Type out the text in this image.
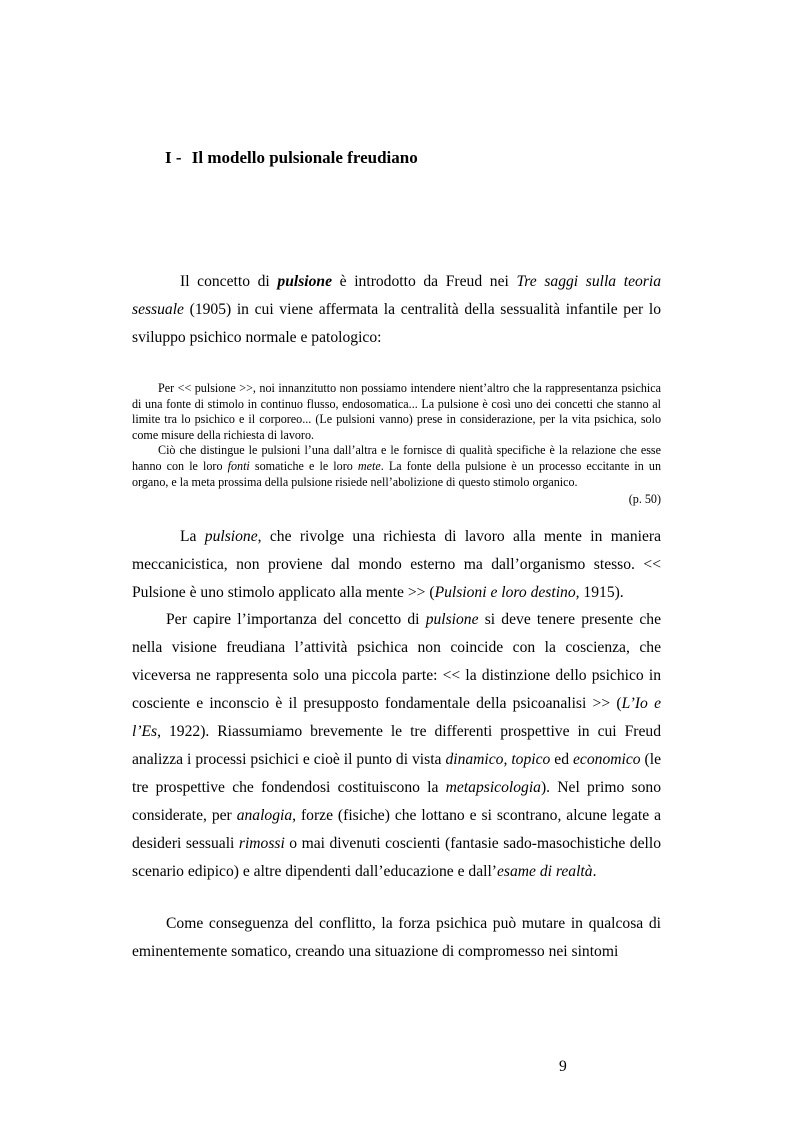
I - Il modello pulsionale freudiano

Il concetto di pulsione è introdotto da Freud nei Tre saggi sulla teoria sessuale (1905) in cui viene affermata la centralità della sessualità infantile per lo sviluppo psichico normale e patologico:

Per << pulsione >>, noi innanzitutto non possiamo intendere nient’altro che la rappresentanza psichica di una fonte di stimolo in continuo flusso, endosomatica... La pulsione è così uno dei concetti che stanno al limite tra lo psichico e il corporeo... (Le pulsioni vanno) prese in considerazione, per la vita psichica, solo come misure della richiesta di lavoro.

Ciò che distingue le pulsioni l’una dall’altra e le fornisce di qualità specifiche è la relazione che esse hanno con le loro fonti somatiche e le loro mete. La fonte della pulsione è un processo eccitante in un organo, e la meta prossima della pulsione risiede nell’abolizione di questo stimolo organico.

(p. 50)

La pulsione, che rivolge una richiesta di lavoro alla mente in maniera meccanicistica, non proviene dal mondo esterno ma dall’organismo stesso. << Pulsione è uno stimolo applicato alla mente >> (Pulsioni e loro destino, 1915).

Per capire l’importanza del concetto di pulsione si deve tenere presente che nella visione freudiana l’attività psichica non coincide con la coscienza, che viceversa ne rappresenta solo una piccola parte: << la distinzione dello psichico in cosciente e inconscio è il presupposto fondamentale della psicoanalisi >> (L’Io e l’Es, 1922). Riassumiamo brevemente le tre differenti prospettive in cui Freud analizza i processi psichici e cioè il punto di vista dinamico, topico ed economico (le tre prospettive che fondendosi costituiscono la metapsicologia). Nel primo sono considerate, per analogia, forze (fisiche) che lottano e si scontrano, alcune legate a desideri sessuali rimossi o mai divenuti coscienti (fantasie sado-masochistiche dello scenario edipico) e altre dipendenti dall’educazione e dall’esame di realtà.

Come conseguenza del conflitto, la forza psichica può mutare in qualcosa di eminentemente somatico, creando una situazione di compromesso nei sintomi

9
